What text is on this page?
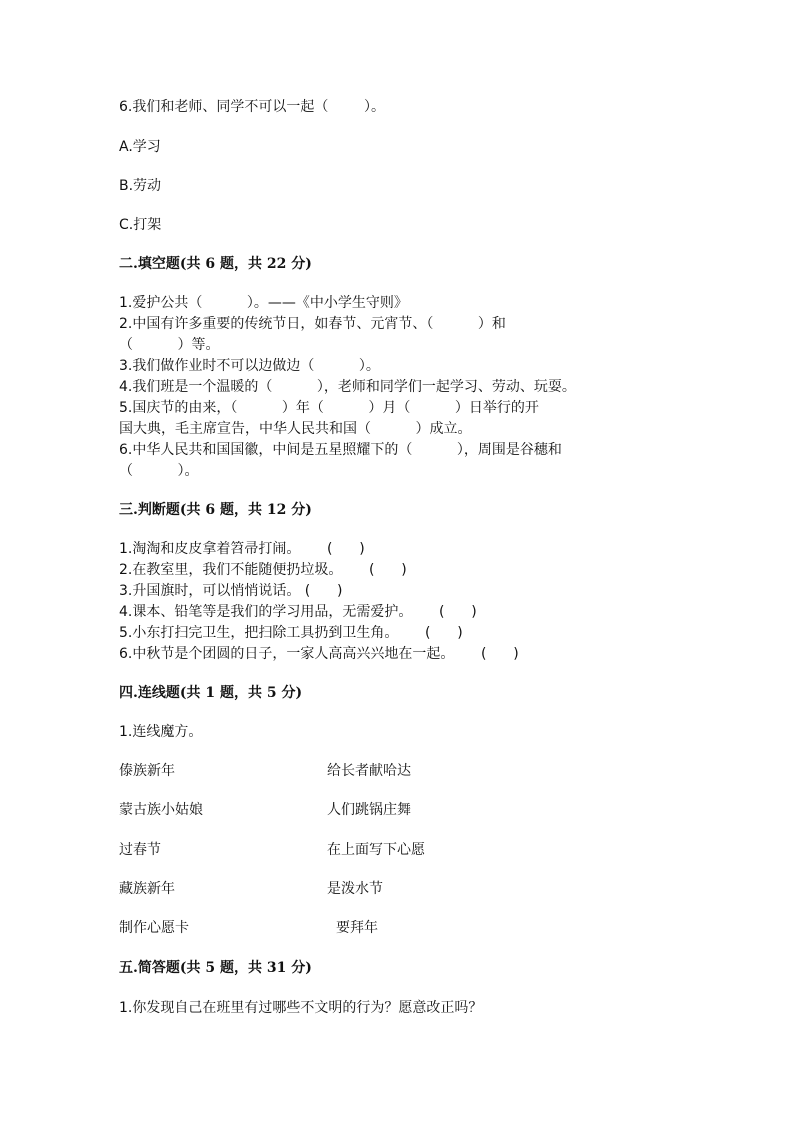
6.我们和老师、同学不可以一起（        ）。
A.学习
B.劳动
C.打架
二.填空题(共 6 题，共 22 分)
1.爱护公共（          ）。——《中小学生守则》
2.中国有许多重要的传统节日，如春节、元宵节、（          ）和
（          ）等。
3.我们做作业时不可以边做边（          ）。
4.我们班是一个温暖的（          ），老师和同学们一起学习、劳动、玩耍。
5.国庆节的由来，（          ）年（          ）月（          ）日举行的开
国大典，毛主席宣告，中华人民共和国（          ）成立。
6.中华人民共和国国徽，中间是五星照耀下的（          ），周围是谷穗和
（          ）。
三.判断题(共 6 题，共 12 分)
1.淘淘和皮皮拿着笤帚打闹。      (      )
2.在教室里，我们不能随便扔垃圾。      (      )
3.升国旗时，可以悄悄说话。 (      )
4.课本、铅笔等是我们的学习用品，无需爱护。      (      )
5.小东打扫完卫生，把扫除工具扔到卫生角。      (      )
6.中秋节是个团圆的日子，一家人高高兴兴地在一起。      (      )
四.连线题(共 1 题，共 5 分)
1.连线魔方。
傣族新年	给长者献哈达
蒙古族小姑娘	人们跳锅庄舞
过春节	在上面写下心愿
藏族新年	是泼水节
制作心愿卡	要拜年
五.简答题(共 5 题，共 31 分)
1.你发现自己在班里有过哪些不文明的行为？愿意改正吗？
